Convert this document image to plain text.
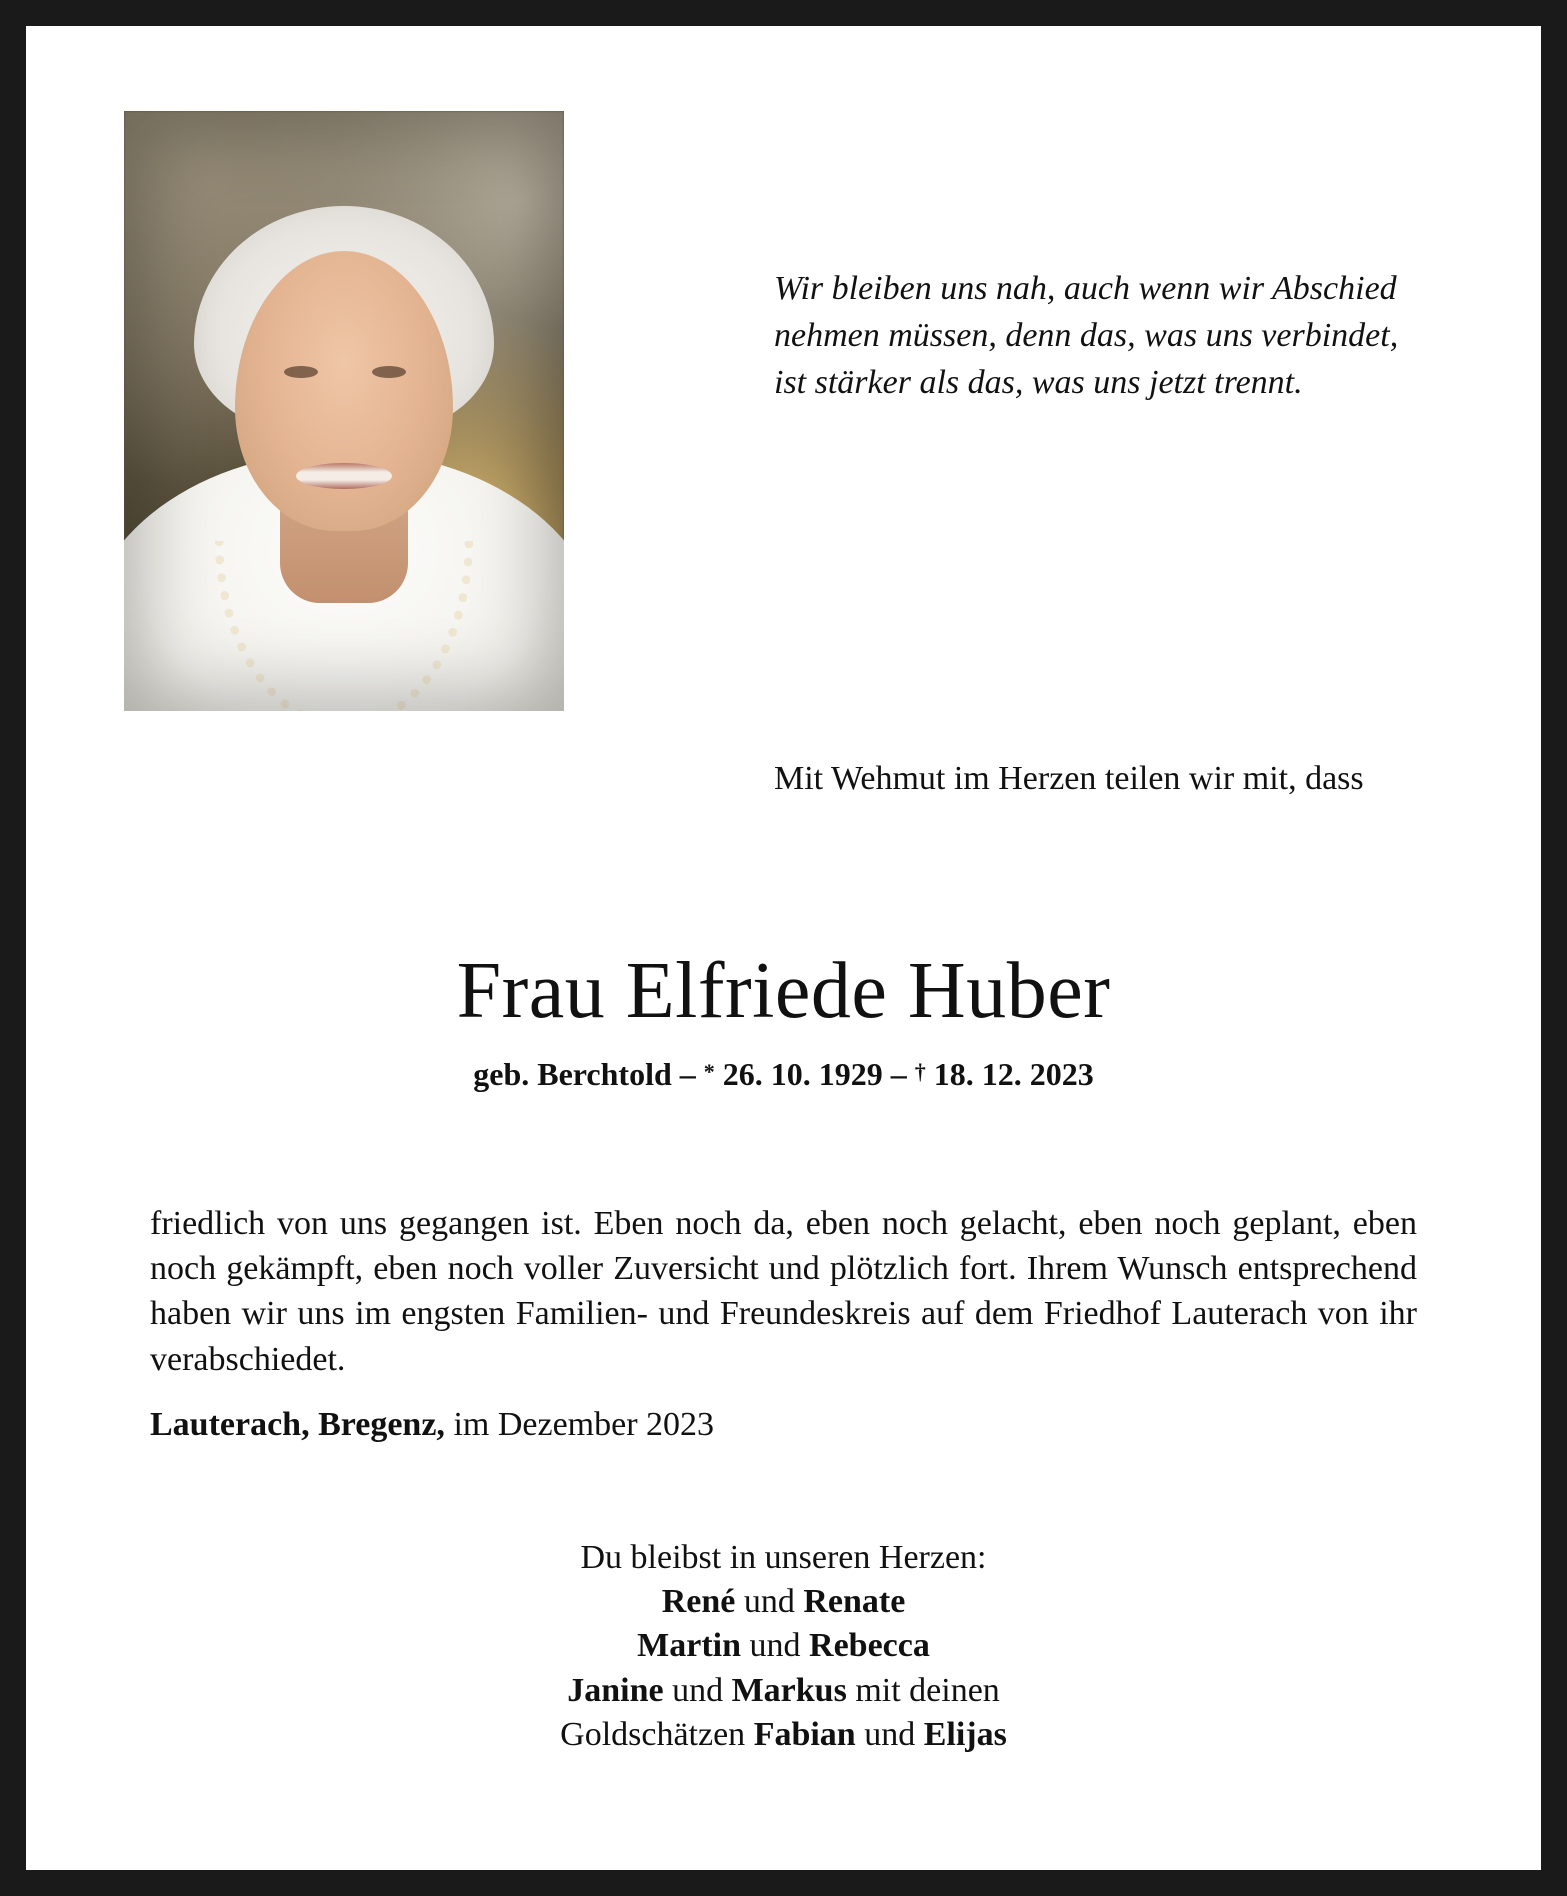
Wir bleiben uns nah, auch wenn wir Abschied nehmen müssen, denn das, was uns verbindet, ist stärker als das, was uns jetzt trennt.
Mit Wehmut im Herzen teilen wir mit, dass
Frau Elfriede Huber
geb. Berchtold – * 26. 10. 1929 – † 18. 12. 2023
friedlich von uns gegangen ist. Eben noch da, eben noch gelacht, eben noch geplant, eben noch gekämpft, eben noch voller Zuversicht und plötzlich fort. Ihrem Wunsch entsprechend haben wir uns im engsten Familien- und Freundeskreis auf dem Friedhof Lauterach von ihr verabschiedet.
Lauterach, Bregenz, im Dezember 2023
Du bleibst in unseren Herzen:
René und Renate
Martin und Rebecca
Janine und Markus mit deinen
Goldschätzen Fabian und Elijas
